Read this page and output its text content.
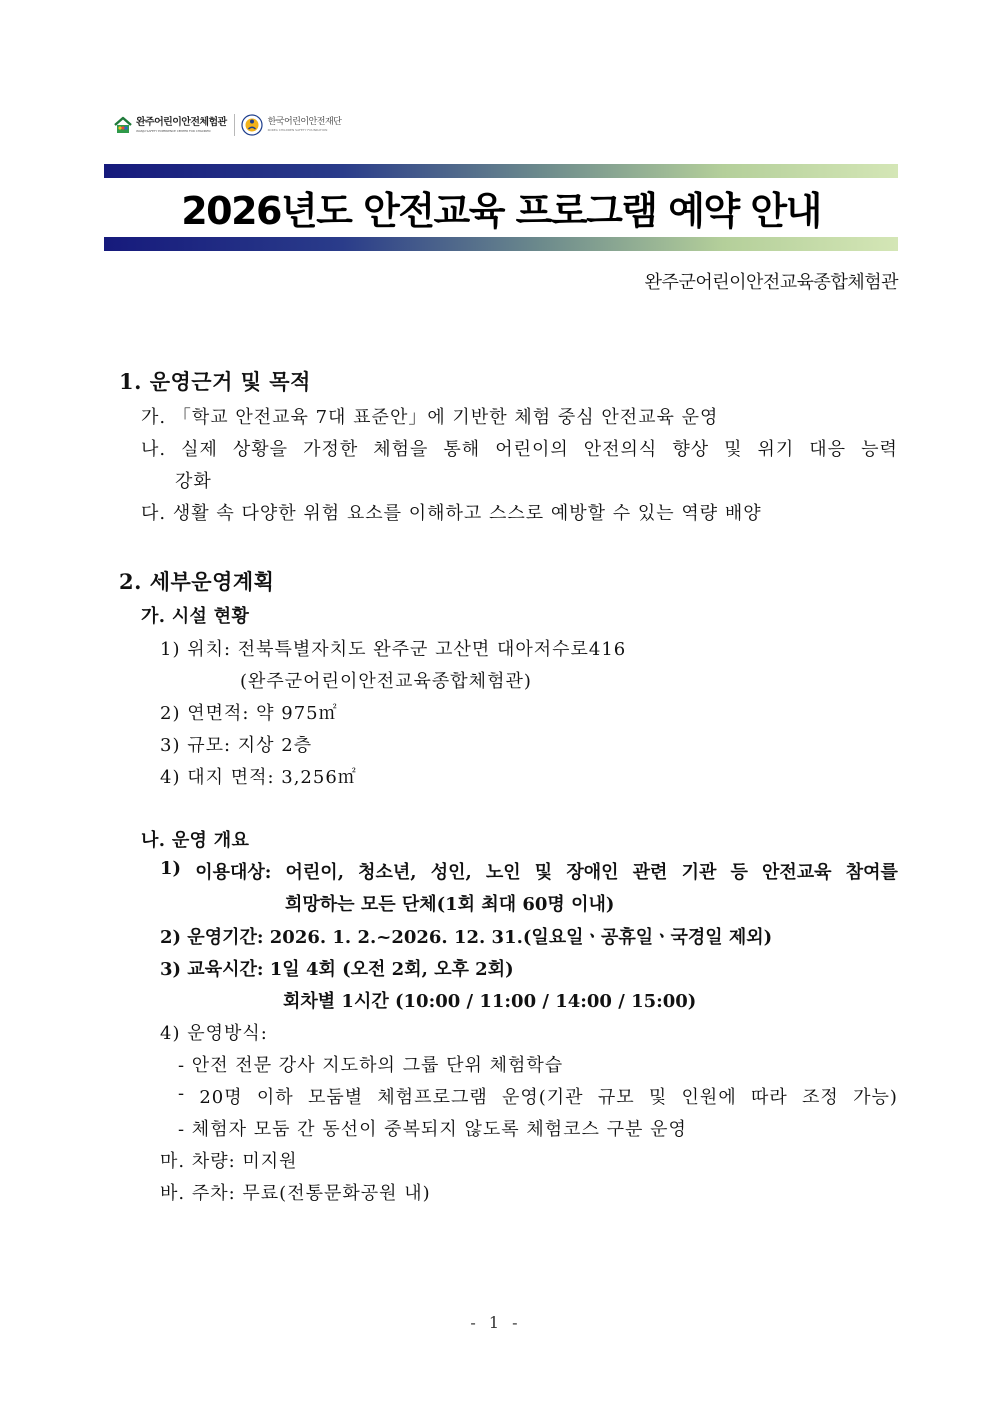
완주어린이안전체험관
WANJU SAFETY EXPERIENCE CENTER FOR CHILDREN
한국어린이안전재단
KOREA CHILDREN SAFETY FOUNDATION
2026년도 안전교육 프로그램 예약 안내
완주군어린이안전교육종합체험관
1. 운영근거 및 목적
가. 「학교 안전교육 7대 표준안」에 기반한 체험 중심 안전교육 운영
나. 실제 상황을 가정한 체험을 통해 어린이의 안전의식 향상 및 위기 대응 능력
강화
다. 생활 속 다양한 위험 요소를 이해하고 스스로 예방할 수 있는 역량 배양
2. 세부운영계획
가. 시설 현황
1) 위치: 전북특별자치도 완주군 고산면 대아저수로416
(완주군어린이안전교육종합체험관)
2) 연면적: 약 975㎡
3) 규모: 지상 2층
4) 대지 면적: 3,256㎡
나. 운영 개요
1) 이용대상: 어린이, 청소년, 성인, 노인 및 장애인 관련 기관 등 안전교육 참여를
희망하는 모든 단체(1회 최대 60명 이내)
2) 운영기간: 2026. 1. 2.~2026. 12. 31.(일요일ㆍ공휴일ㆍ국경일 제외)
3) 교육시간: 1일 4회 (오전 2회, 오후 2회)
회차별 1시간 (10:00 / 11:00 / 14:00 / 15:00)
4) 운영방식:
- 안전 전문 강사 지도하의 그룹 단위 체험학습
- 20명 이하 모둠별 체험프로그램 운영(기관 규모 및 인원에 따라 조정 가능)
- 체험자 모둠 간 동선이 중복되지 않도록 체험코스 구분 운영
마. 차량: 미지원
바. 주차: 무료(전통문화공원 내)
- 1 -
